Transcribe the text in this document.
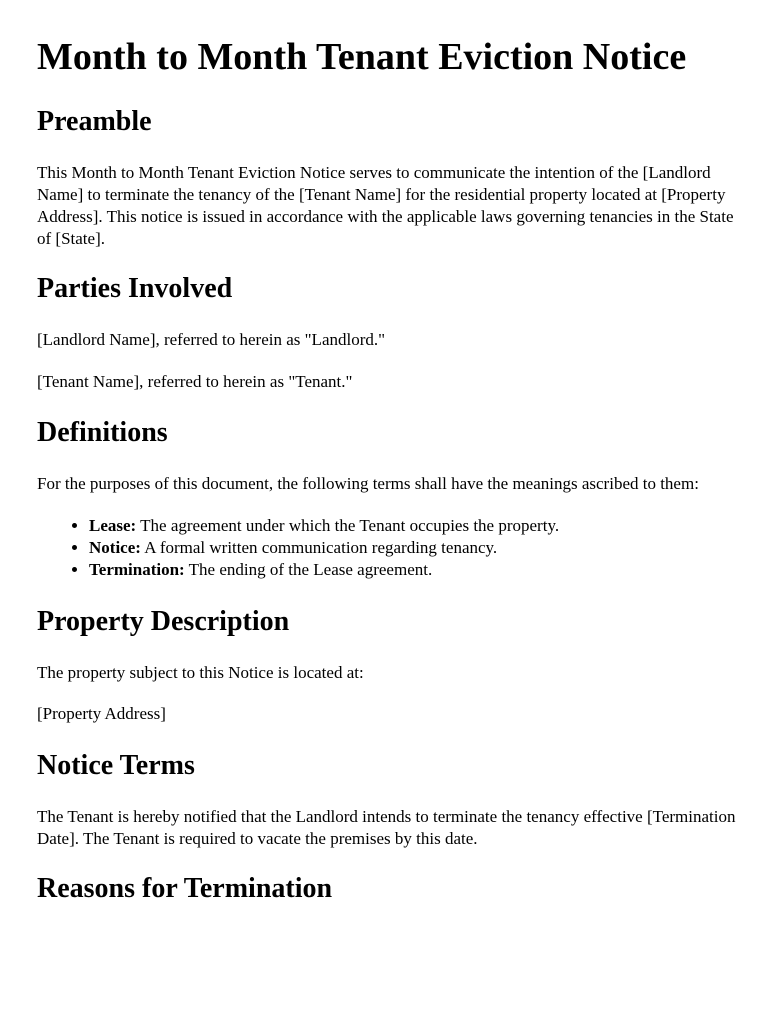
Month to Month Tenant Eviction Notice
Preamble

This Month to Month Tenant Eviction Notice serves to communicate the intention of the [Landlord Name] to terminate the tenancy of the [Tenant Name] for the residential property located at [Property Address]. This notice is issued in accordance with the applicable laws governing tenancies in the State of [State].

Parties Involved

[Landlord Name], referred to herein as "Landlord."

[Tenant Name], referred to herein as "Tenant."

Definitions

For the purposes of this document, the following terms shall have the meanings ascribed to them:

• Lease: The agreement under which the Tenant occupies the property.
• Notice: A formal written communication regarding tenancy.
• Termination: The ending of the Lease agreement.
Property Description

The property subject to this Notice is located at:

[Property Address]

Notice Terms

The Tenant is hereby notified that the Landlord intends to terminate the tenancy effective [Termination Date]. The Tenant is required to vacate the premises by this date.

Reasons for Termination
